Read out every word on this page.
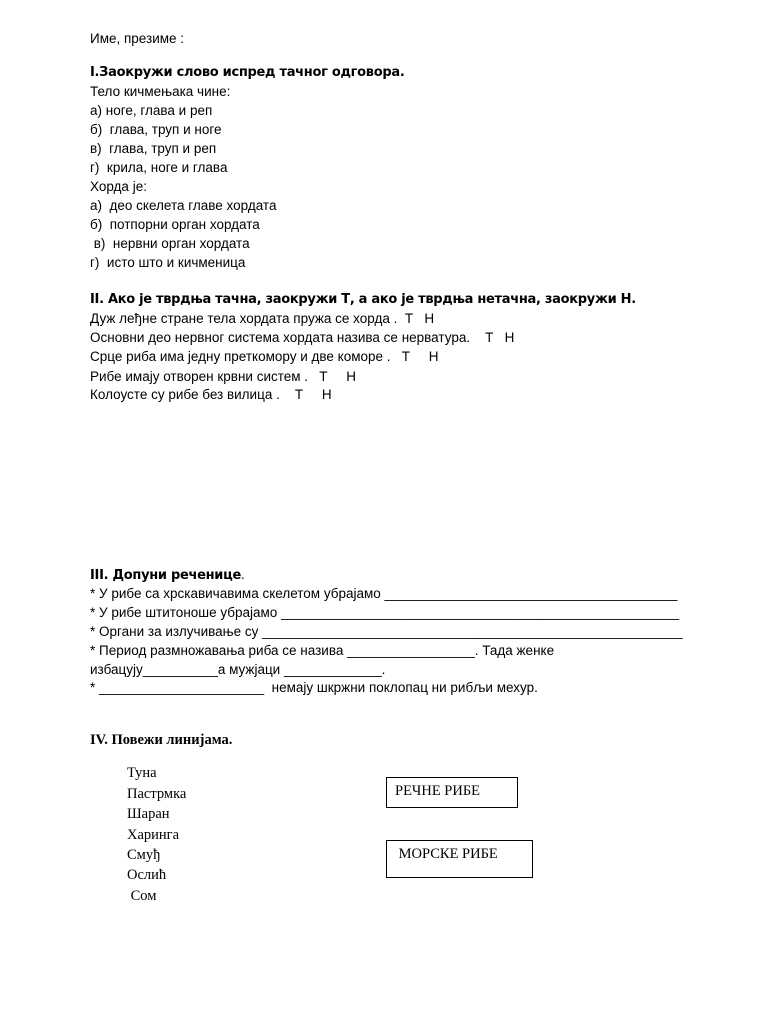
Име, презиме :
I.Заокружи слово испред тачног одговора.
Тело кичмењака чине:
а) ноге, глава и реп
б)  глава, труп и ноге
в)  глава, труп и реп
г)  крила, ноге и глава
Хорда је:
а)  део скелета главе хордата
б)  потпорни орган хордата
в)  нервни орган хордата
г)  исто што и кичменица
II. Ако је тврдња тачна, заокружи Т, а ако је тврдња нетачна, заокружи Н.
Дуж леђне стране тела хордата пружа се хорда .  Т   Н
Основни део нервног система хордата назива се нерватура.    Т   Н
Срце риба има једну преткомору и две коморе .   Т     Н
Рибе имају отворен крвни систем .   Т     Н
Колоусте су рибе без вилица .    Т     Н
III. Допуни реченице.
* У рибе са хрскавичавима скелетом убрајамо _______________________________________
* У рибе штитоноше убрајамо _____________________________________________________
* Органи за излучивање су ________________________________________________________
* Период размножавања риба се назива _________________. Тада женке
избацују__________а мужјаци _____________.
* ______________________  немају шкржни поклопац ни рибљи мехур.
IV. Повежи линијама.
Туна
Пастрмка
Шаран
Харинга
Смуђ
Ослић
Сом
РЕЧНЕ РИБЕ
МОРСКЕ РИБЕ
